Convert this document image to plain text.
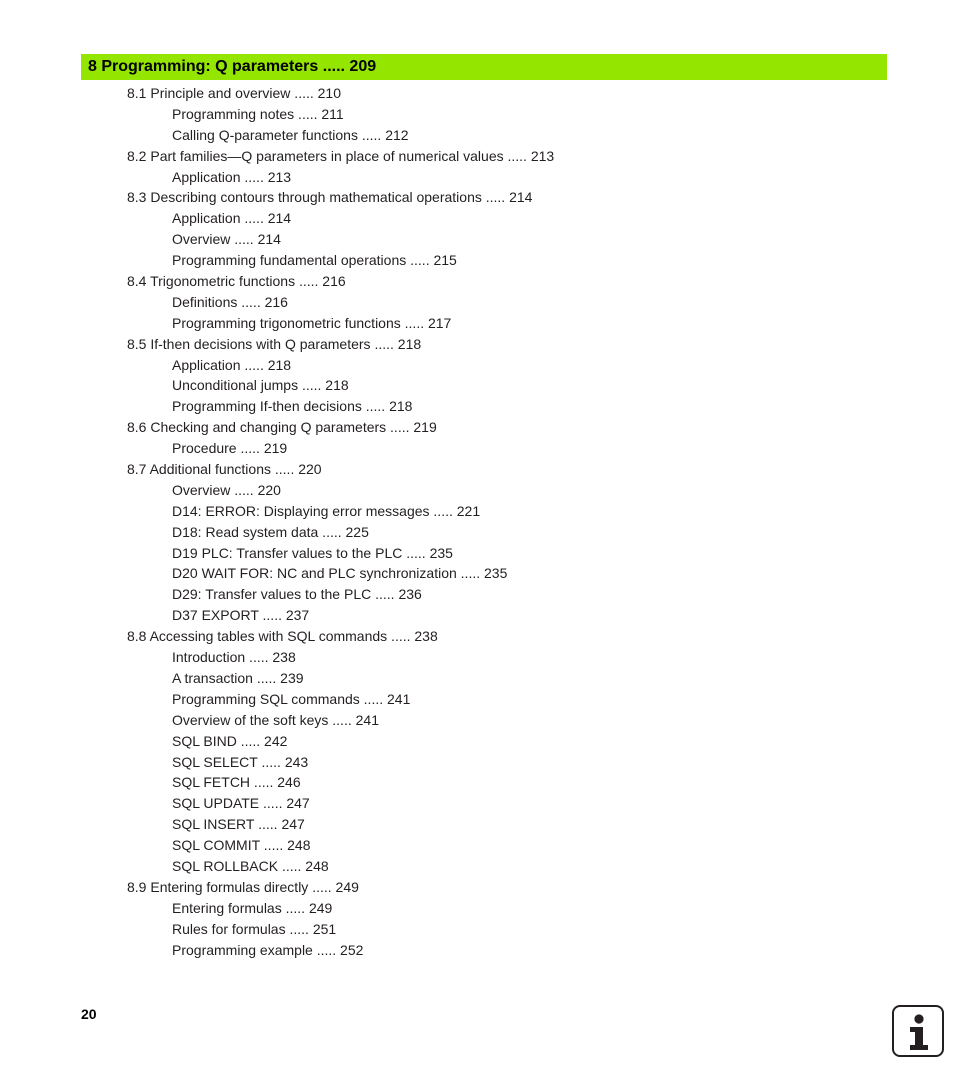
8 Programming: Q parameters ..... 209
8.1 Principle and overview ..... 210
Programming notes ..... 211
Calling Q-parameter functions ..... 212
8.2 Part families—Q parameters in place of numerical values ..... 213
Application ..... 213
8.3 Describing contours through mathematical operations ..... 214
Application ..... 214
Overview ..... 214
Programming fundamental operations ..... 215
8.4 Trigonometric functions ..... 216
Definitions ..... 216
Programming trigonometric functions ..... 217
8.5 If-then decisions with Q parameters ..... 218
Application ..... 218
Unconditional jumps ..... 218
Programming If-then decisions ..... 218
8.6 Checking and changing Q parameters ..... 219
Procedure ..... 219
8.7 Additional functions ..... 220
Overview ..... 220
D14: ERROR: Displaying error messages ..... 221
D18: Read system data ..... 225
D19 PLC: Transfer values to the PLC ..... 235
D20 WAIT FOR: NC and PLC synchronization ..... 235
D29: Transfer values to the PLC ..... 236
D37 EXPORT ..... 237
8.8 Accessing tables with SQL commands ..... 238
Introduction ..... 238
A transaction ..... 239
Programming SQL commands ..... 241
Overview of the soft keys ..... 241
SQL BIND ..... 242
SQL SELECT ..... 243
SQL FETCH ..... 246
SQL UPDATE ..... 247
SQL INSERT ..... 247
SQL COMMIT ..... 248
SQL ROLLBACK ..... 248
8.9 Entering formulas directly ..... 249
Entering formulas ..... 249
Rules for formulas ..... 251
Programming example ..... 252
20
